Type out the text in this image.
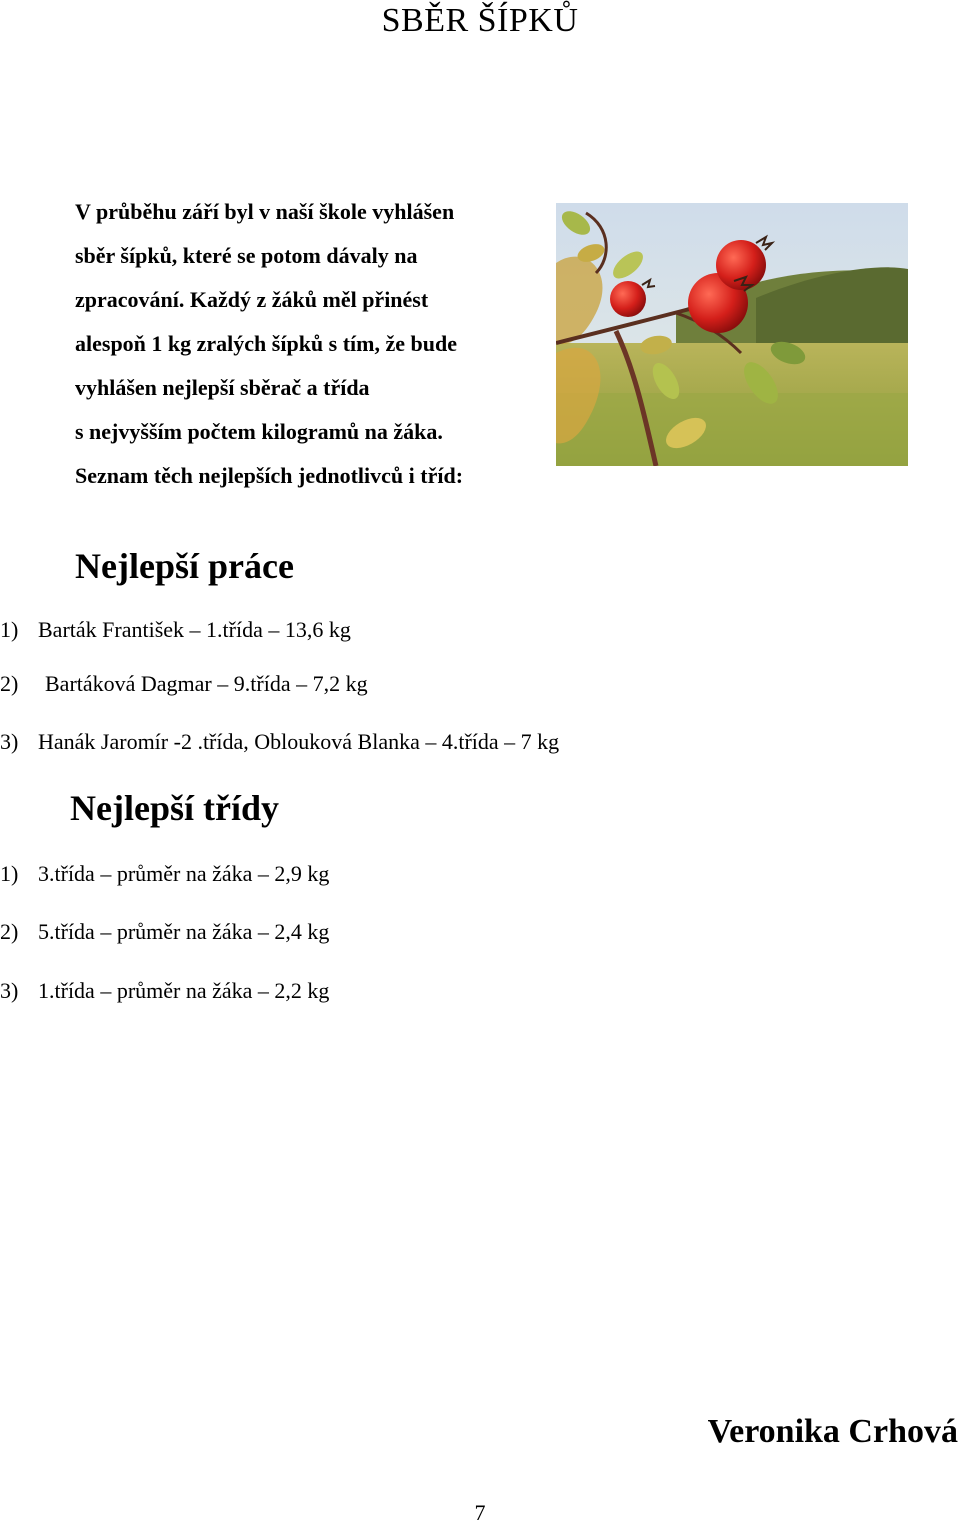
SBĚR ŠÍPKŮ
V průběhu září byl v naší škole vyhlášen
sběr šípků, které se potom dávaly na
zpracování. Každý z žáků měl přinést
alespoň 1 kg zralých šípků s tím, že bude
vyhlášen nejlepší sběrač a třída
s nejvyšším počtem kilogramů na žáka.
Seznam těch nejlepších jednotlivců i tříd:
Nejlepší práce
1) Barták František – 1.třída – 13,6 kg
2) Bartáková Dagmar – 9.třída – 7,2 kg
3) Hanák Jaromír -2 .třída, Oblouková Blanka – 4.třída – 7 kg
Nejlepší třídy
1) 3.třída – průměr na žáka – 2,9 kg
2) 5.třída – průměr na žáka – 2,4 kg
3) 1.třída – průměr na žáka – 2,2 kg
Veronika Crhová
7
